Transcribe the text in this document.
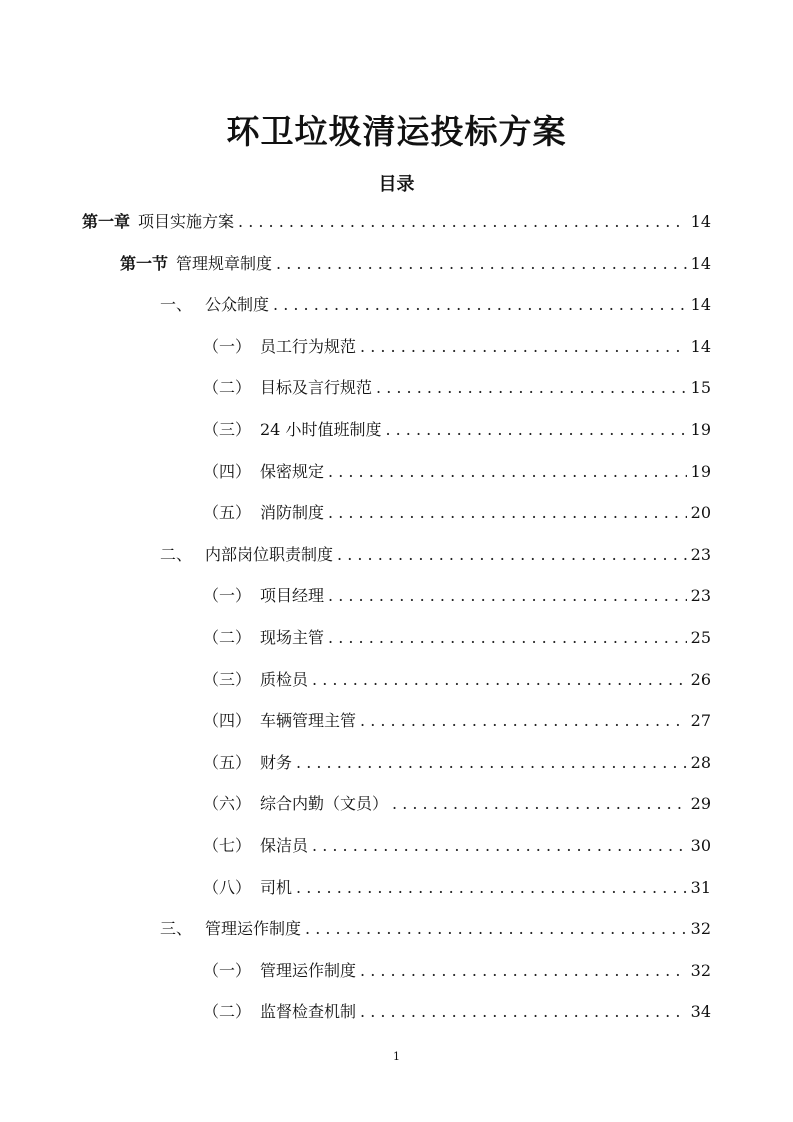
环卫垃圾清运投标方案
目录
第一章 项目实施方案 . . .	14
第一节 管理规章制度 . . .	14
一、 公众制度 . . .	14
（一） 员工行为规范 . . .	14
（二） 目标及言行规范 . . .	15
（三） 24 小时值班制度 . . .	19
（四） 保密规定 . . .	19
（五） 消防制度 . . .	20
二、 内部岗位职责制度 . . .	23
（一） 项目经理 . . .	23
（二） 现场主管 . . .	25
（三） 质检员 . . .	26
（四） 车辆管理主管 . . .	27
（五） 财务 . . .	28
（六） 综合内勤（文员） . . .	29
（七） 保洁员 . . .	30
（八） 司机 . . .	31
三、 管理运作制度 . . .	32
（一） 管理运作制度 . . .	32
（二） 监督检查机制 . . .	34
1
